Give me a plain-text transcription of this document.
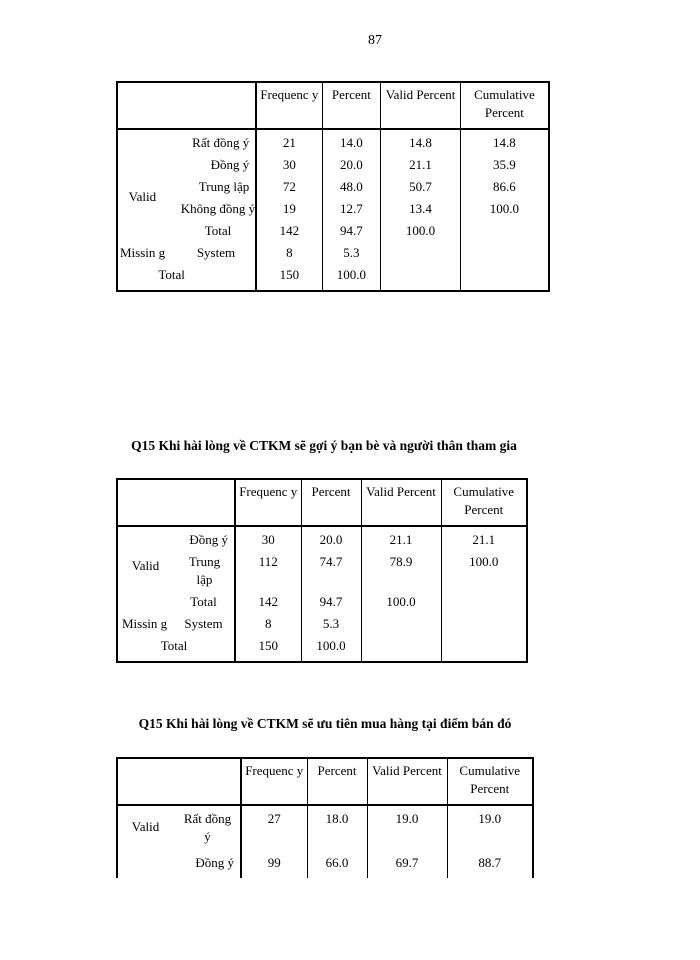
87
		Frequenc y	Percent	Valid Percent	Cumulative Percent
Valid	Rất đồng ý	21	14.0	14.8	14.8
	Đồng ý	30	20.0	21.1	35.9
	Trung lập	72	48.0	50.7	86.6
	Không đồng ý	19	12.7	13.4	100.0
	Total	142	94.7	100.0	
Missin g	System	8	5.3		
Total		150	100.0		
Q15 Khi hài lòng về CTKM sẽ gợi ý bạn bè và người thân tham gia
		Frequenc y	Percent	Valid Percent	Cumulative Percent
Valid	Đồng ý	30	20.0	21.1	21.1
	Trung lập	112	74.7	78.9	100.0
	Total	142	94.7	100.0	
Missin g	System	8	5.3		
Total		150	100.0		
Q15 Khi hài lòng về CTKM sẽ ưu tiên mua hàng tại điểm bán đó
		Frequenc y	Percent	Valid Percent	Cumulative Percent
Valid	Rất đồng ý	27	18.0	19.0	19.0
	Đồng ý	99	66.0	69.7	88.7
